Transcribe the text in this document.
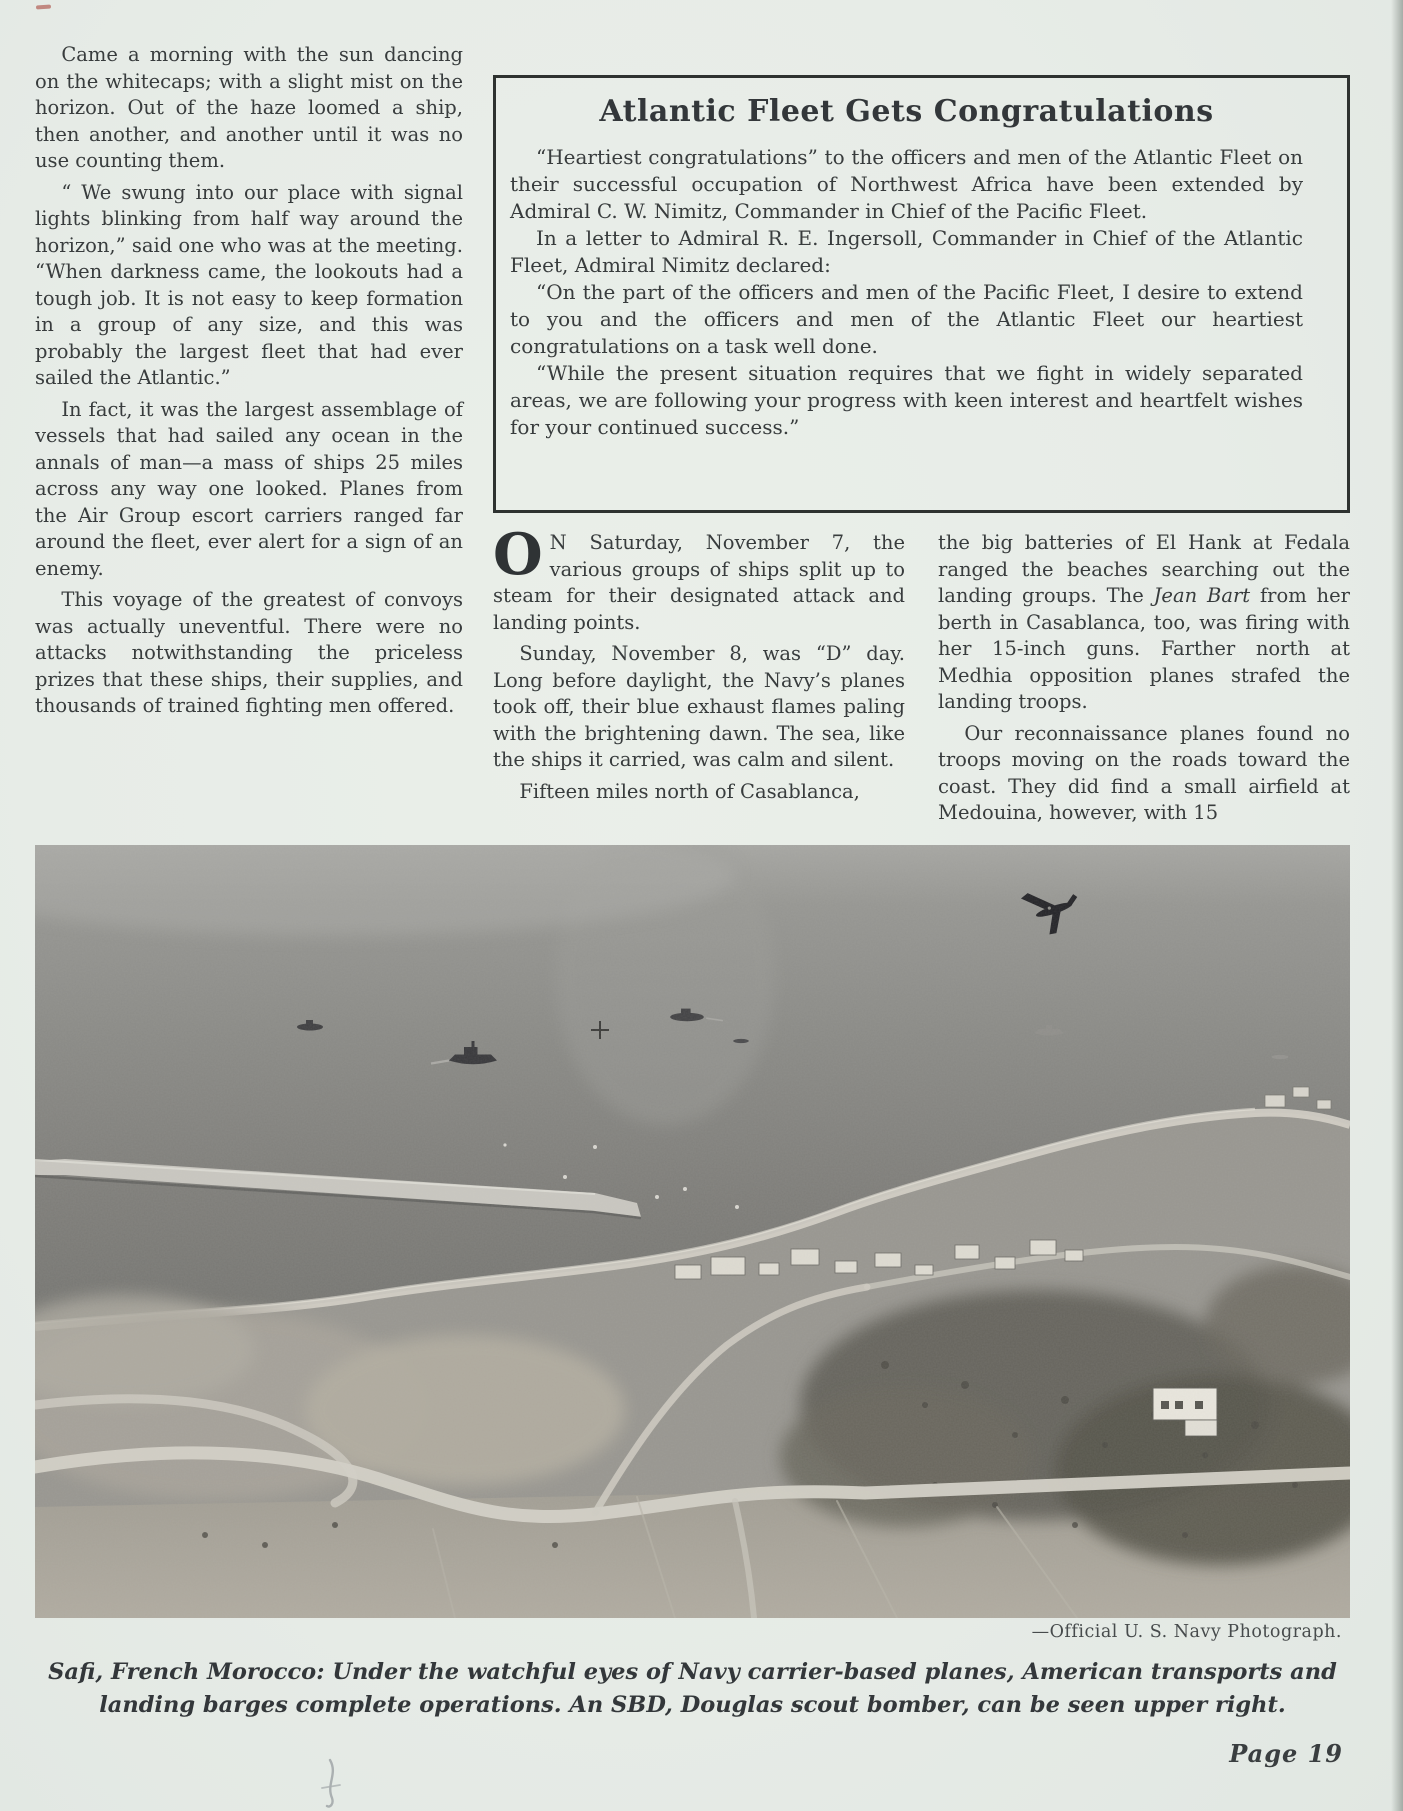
Came a morning with the sun dancing on the whitecaps; with a slight mist on the horizon. Out of the haze loomed a ship, then another, and another until it was no use counting them.

“ We swung into our place with signal lights blinking from half way around the horizon,” said one who was at the meeting. “When darkness came, the lookouts had a tough job. It is not easy to keep formation in a group of any size, and this was probably the largest fleet that had ever sailed the Atlantic.”

In fact, it was the largest assemblage of vessels that had sailed any ocean in the annals of man—a mass of ships 25 miles across any way one looked. Planes from the Air Group escort carriers ranged far around the fleet, ever alert for a sign of an enemy.

This voyage of the greatest of convoys was actually uneventful. There were no attacks notwithstanding the priceless prizes that these ships, their supplies, and thousands of trained fighting men offered.

Atlantic Fleet Gets Congratulations

“Heartiest congratulations” to the officers and men of the Atlantic Fleet on their successful occupation of Northwest Africa have been extended by Admiral C. W. Nimitz, Commander in Chief of the Pacific Fleet.

In a letter to Admiral R. E. Ingersoll, Commander in Chief of the Atlantic Fleet, Admiral Nimitz declared:

“On the part of the officers and men of the Pacific Fleet, I desire to extend to you and the officers and men of the Atlantic Fleet our heartiest congratulations on a task well done.

“While the present situation requires that we fight in widely separated areas, we are following your progress with keen interest and heartfelt wishes for your continued success.”

O N Saturday, November 7, the various groups of ships split up to steam for their designated attack and landing points.

Sunday, November 8, was “D” day. Long before daylight, the Navy’s planes took off, their blue exhaust flames paling with the brightening dawn. The sea, like the ships it carried, was calm and silent.

Fifteen miles north of Casablanca,

the big batteries of El Hank at Fedala ranged the beaches searching out the landing groups. The Jean Bart from her berth in Casablanca, too, was firing with her 15-inch guns. Farther north at Medhia opposition planes strafed the landing troops.

Our reconnaissance planes found no troops moving on the roads toward the coast. They did find a small airfield at Medouina, however, with 15

—Official U. S. Navy Photograph.
Safi, French Morocco: Under the watchful eyes of Navy carrier-based planes, American transports and landing barges complete operations. An SBD, Douglas scout bomber, can be seen upper right.
Page 19
